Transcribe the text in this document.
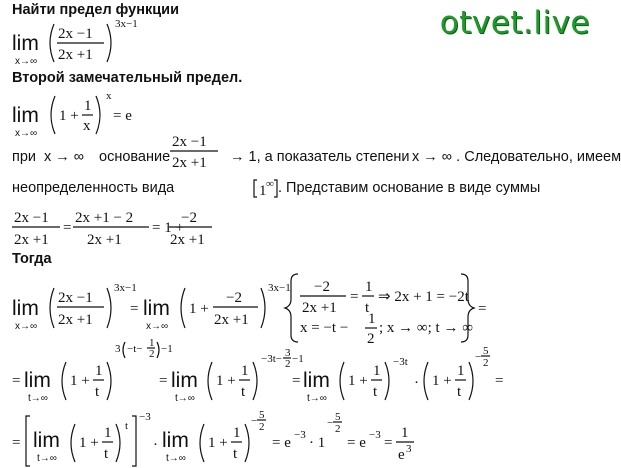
otvet.live
Найти предел функции
Второй замечательный предел.
Тогда
при x → ∞ основание	→ 1, а показатель степени x → ∞ . Следовательно, имеем
неопределенность вида	. Представим основание в виде суммы
lim
x→∞
2x −1
2x +1
3x−1
lim
x→∞
1 +
1
x
x
= e
2x −1
2x +1
1 ∞
2x −1
2x +1
=
2x +1 − 2
2x +1
= 1 +
−2
2x +1
lim
x→∞
2x −1
2x +1
3x−1
= lim
x→∞
1 +
−2
2x +1
3x−1 −2
2x +1
=
1
t
⇒ 2x + 1 = −2t
x = −t −
1
2
; x → ∞; t → ∞
=
= lim
t→∞
1 +
1
t
3 −t− 1
2 −1
= lim
t→∞
1 +
1
t
−3t− 3
2 −1
= lim
t→∞
1 +
1
t
−3t
· 1 +
1
t
− 5
2
=
= lim
t→∞
1 +
1
t
t
−3
· lim
t→∞
1 +
1
t
− 5
2
= e −3 · 1
− 5
2
= e −3 =
1
e 3
